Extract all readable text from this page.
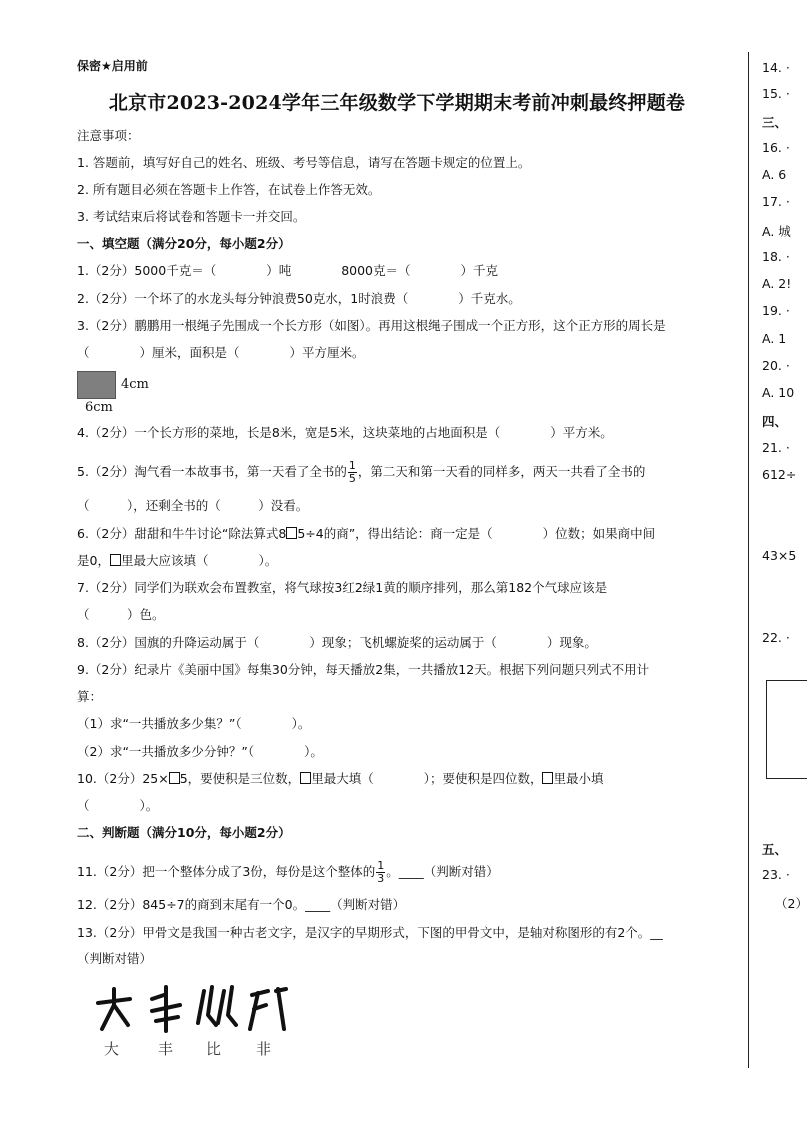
保密★启用前
北京市2023-2024学年三年级数学下学期期末考前冲刺最终押题卷
注意事项：
1. 答题前，填写好自己的姓名、班级、考号等信息，请写在答题卡规定的位置上。
2. 所有题目必须在答题卡上作答，在试卷上作答无效。
3. 考试结束后将试卷和答题卡一并交回。
一、填空题（满分20分，每小题2分）
1.（2分）5000千克＝（　　　　）吨　　　　8000克＝（　　　　）千克
2.（2分）一个坏了的水龙头每分钟浪费50克水，1时浪费（　　　　）千克水。
3.（2分）鹏鹏用一根绳子先围成一个长方形（如图）。再用这根绳子围成一个正方形，这个正方形的周长是
（　　　　）厘米，面积是（　　　　）平方厘米。
4cm
6cm
4.（2分）一个长方形的菜地，长是8米，宽是5米，这块菜地的占地面积是（　　　　）平方米。
5.（2分）淘气看一本故事书，第一天看了全书的 $\frac{1}{5}$ ，第二天和第一天看的同样多，两天一共看了全书的
（　　　），还剩全书的（　　　）没看。
6.（2分）甜甜和牛牛讨论“除法算式8 5÷4的商”，得出结论：商一定是（　　　　）位数；如果商中间
是0， 里最大应该填（　　　　）。
7.（2分）同学们为联欢会布置教室，将气球按3红2绿1黄的顺序排列，那么第182个气球应该是
（　　　）色。
8.（2分）国旗的升降运动属于（　　　　）现象；飞机螺旋桨的运动属于（　　　　）现象。
9.（2分）纪录片《美丽中国》每集30分钟，每天播放2集，一共播放12天。根据下列问题只列式不用计
算：
（1）求“一共播放多少集？”（　　　　）。
（2）求“一共播放多少分钟？”（　　　　）。
10.（2分）25× 5，要使积是三位数， 里最大填（　　　　）；要使积是四位数， 里最小填
（　　　　）。
二、判断题（满分10分，每小题2分）
11.（2分）把一个整体分成了3份，每份是这个整体的 $\frac{1}{3}$ 。____（判断对错）
12.（2分）845÷7的商到末尾有一个0。____（判断对错）
13.（2分）甲骨文是我国一种古老文字，是汉字的早期形式，下图的甲骨文中，是轴对称图形的有2个。__
（判断对错）
大	丰 比 非
14. ·
15. ·
三、
16. ·
A. 6
17. ·
A. 城
18. ·
A. 2!
19. ·
A. 1
20. ·
A. 10
四、
21. ·
612÷
43×5
22. ·
五、
23. ·
（2）
